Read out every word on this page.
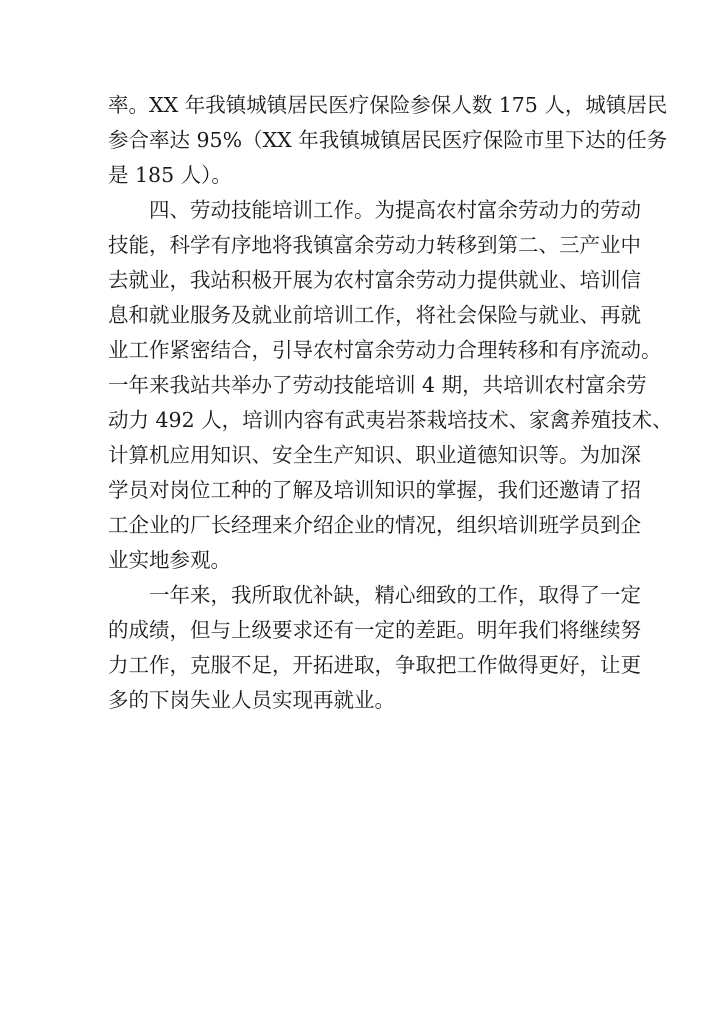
率。XX 年我镇城镇居民医疗保险参保人数 175 人，城镇居民
参合率达 95%（XX 年我镇城镇居民医疗保险市里下达的任务
是 185 人）。
　　四、劳动技能培训工作。为提高农村富余劳动力的劳动
技能，科学有序地将我镇富余劳动力转移到第二、三产业中
去就业，我站积极开展为农村富余劳动力提供就业、培训信
息和就业服务及就业前培训工作，将社会保险与就业、再就
业工作紧密结合，引导农村富余劳动力合理转移和有序流动。
一年来我站共举办了劳动技能培训 4 期，共培训农村富余劳
动力 492 人，培训内容有武夷岩茶栽培技术、家禽养殖技术、
计算机应用知识、安全生产知识、职业道德知识等。为加深
学员对岗位工种的了解及培训知识的掌握，我们还邀请了招
工企业的厂长经理来介绍企业的情况，组织培训班学员到企
业实地参观。
　　一年来，我所取优补缺，精心细致的工作，取得了一定
的成绩，但与上级要求还有一定的差距。明年我们将继续努
力工作，克服不足，开拓进取，争取把工作做得更好，让更
多的下岗失业人员实现再就业。
